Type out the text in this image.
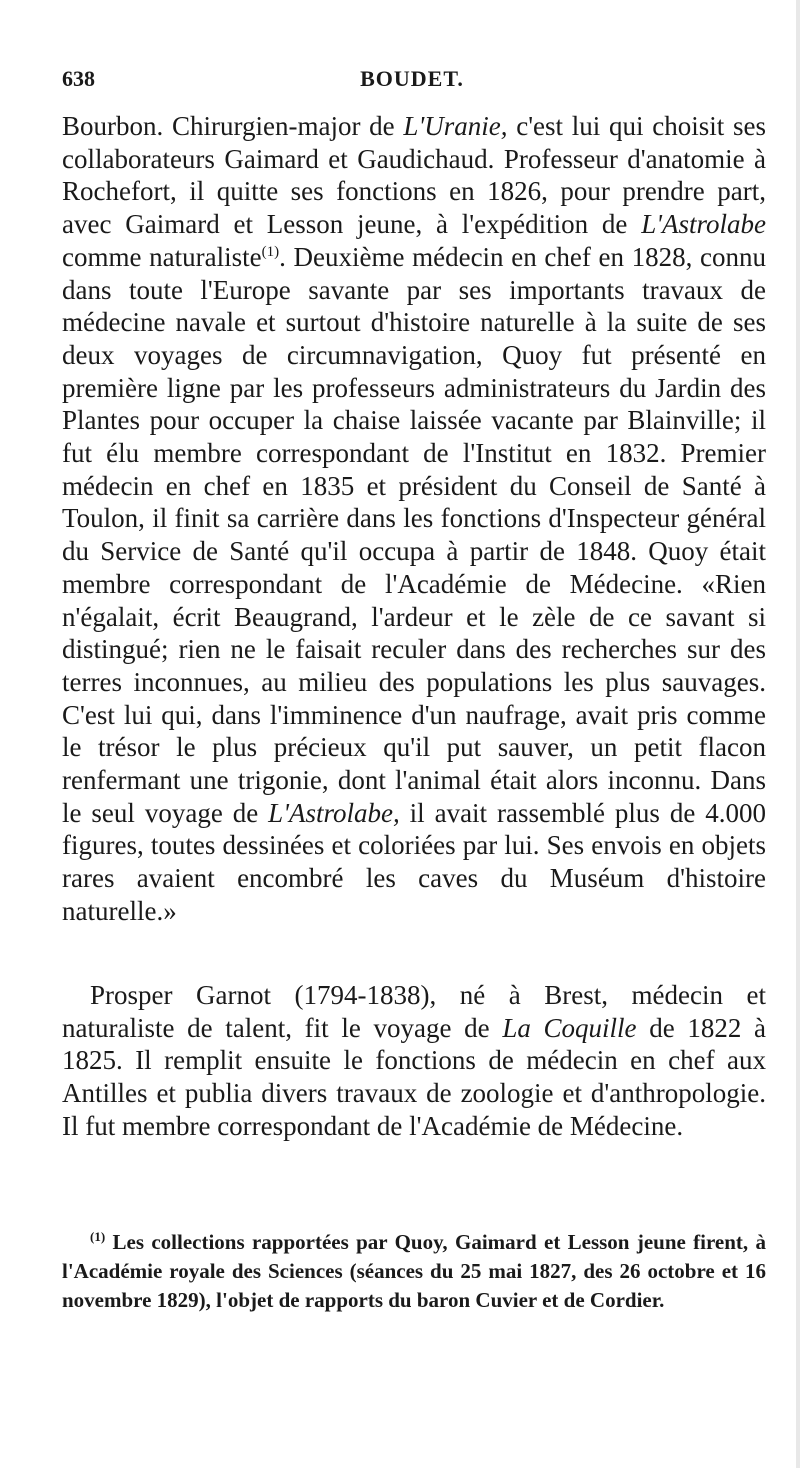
638	BOUDET.

Bourbon. Chirurgien-major de L'Uranie, c'est lui qui choisit ses collaborateurs Gaimard et Gaudichaud. Professeur d'anatomie à Rochefort, il quitte ses fonctions en 1826, pour prendre part, avec Gaimard et Lesson jeune, à l'expédition de L'Astrolabe comme naturaliste$^{(1)}$. Deuxième médecin en chef en 1828, connu dans toute l'Europe savante par ses importants travaux de médecine navale et surtout d'histoire naturelle à la suite de ses deux voyages de circumnavigation, Quoy fut présenté en première ligne par les professeurs administrateurs du Jardin des Plantes pour occuper la chaise laissée vacante par Blainville; il fut élu membre correspondant de l'Institut en 1832. Premier médecin en chef en 1835 et président du Conseil de Santé à Toulon, il finit sa carrière dans les fonctions d'Inspecteur général du Service de Santé qu'il occupa à partir de 1848. Quoy était membre correspondant de l'Académie de Médecine. «Rien n'égalait, écrit Beaugrand, l'ardeur et le zèle de ce savant si distingué; rien ne le faisait reculer dans des recherches sur des terres inconnues, au milieu des populations les plus sauvages. C'est lui qui, dans l'imminence d'un naufrage, avait pris comme le trésor le plus précieux qu'il put sauver, un petit flacon renfermant une trigonie, dont l'animal était alors inconnu. Dans le seul voyage de L'Astrolabe, il avait rassemblé plus de 4.000 figures, toutes dessinées et coloriées par lui. Ses envois en objets rares avaient encombré les caves du Muséum d'histoire naturelle.»

Prosper Garnot (1794-1838), né à Brest, médecin et naturaliste de talent, fit le voyage de La Coquille de 1822 à 1825. Il remplit ensuite le fonctions de médecin en chef aux Antilles et publia divers travaux de zoologie et d'anthropologie. Il fut membre correspondant de l'Académie de Médecine.

$^{(1)}$ Les collections rapportées par Quoy, Gaimard et Lesson jeune firent, à l'Académie royale des Sciences (séances du 25 mai 1827, des 26 octobre et 16 novembre 1829), l'objet de rapports du baron Cuvier et de Cordier.
